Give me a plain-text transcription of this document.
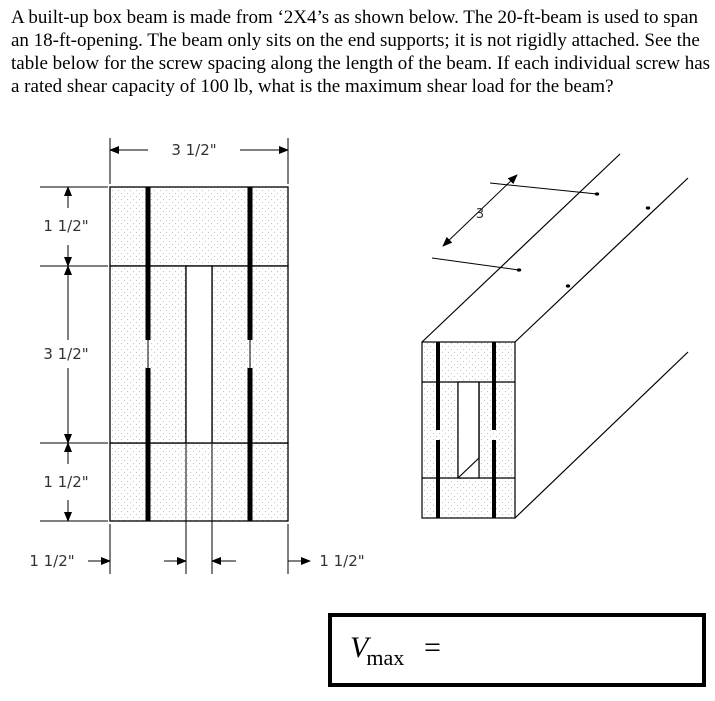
A built-up box beam is made from ‘2X4’s as shown below. The 20-ft-beam is used to span an 18-ft-opening. The beam only sits on the end supports; it is not rigidly attached. See the table below for the screw spacing along the length of the beam. If each individual screw has a rated shear capacity of 100 lb, what is the maximum shear load for the beam?

3 1/2"
1 1/2"
3 1/2"
1 1/2"
1 1/2"	1 1/2"
3
$V_{max}$ =
